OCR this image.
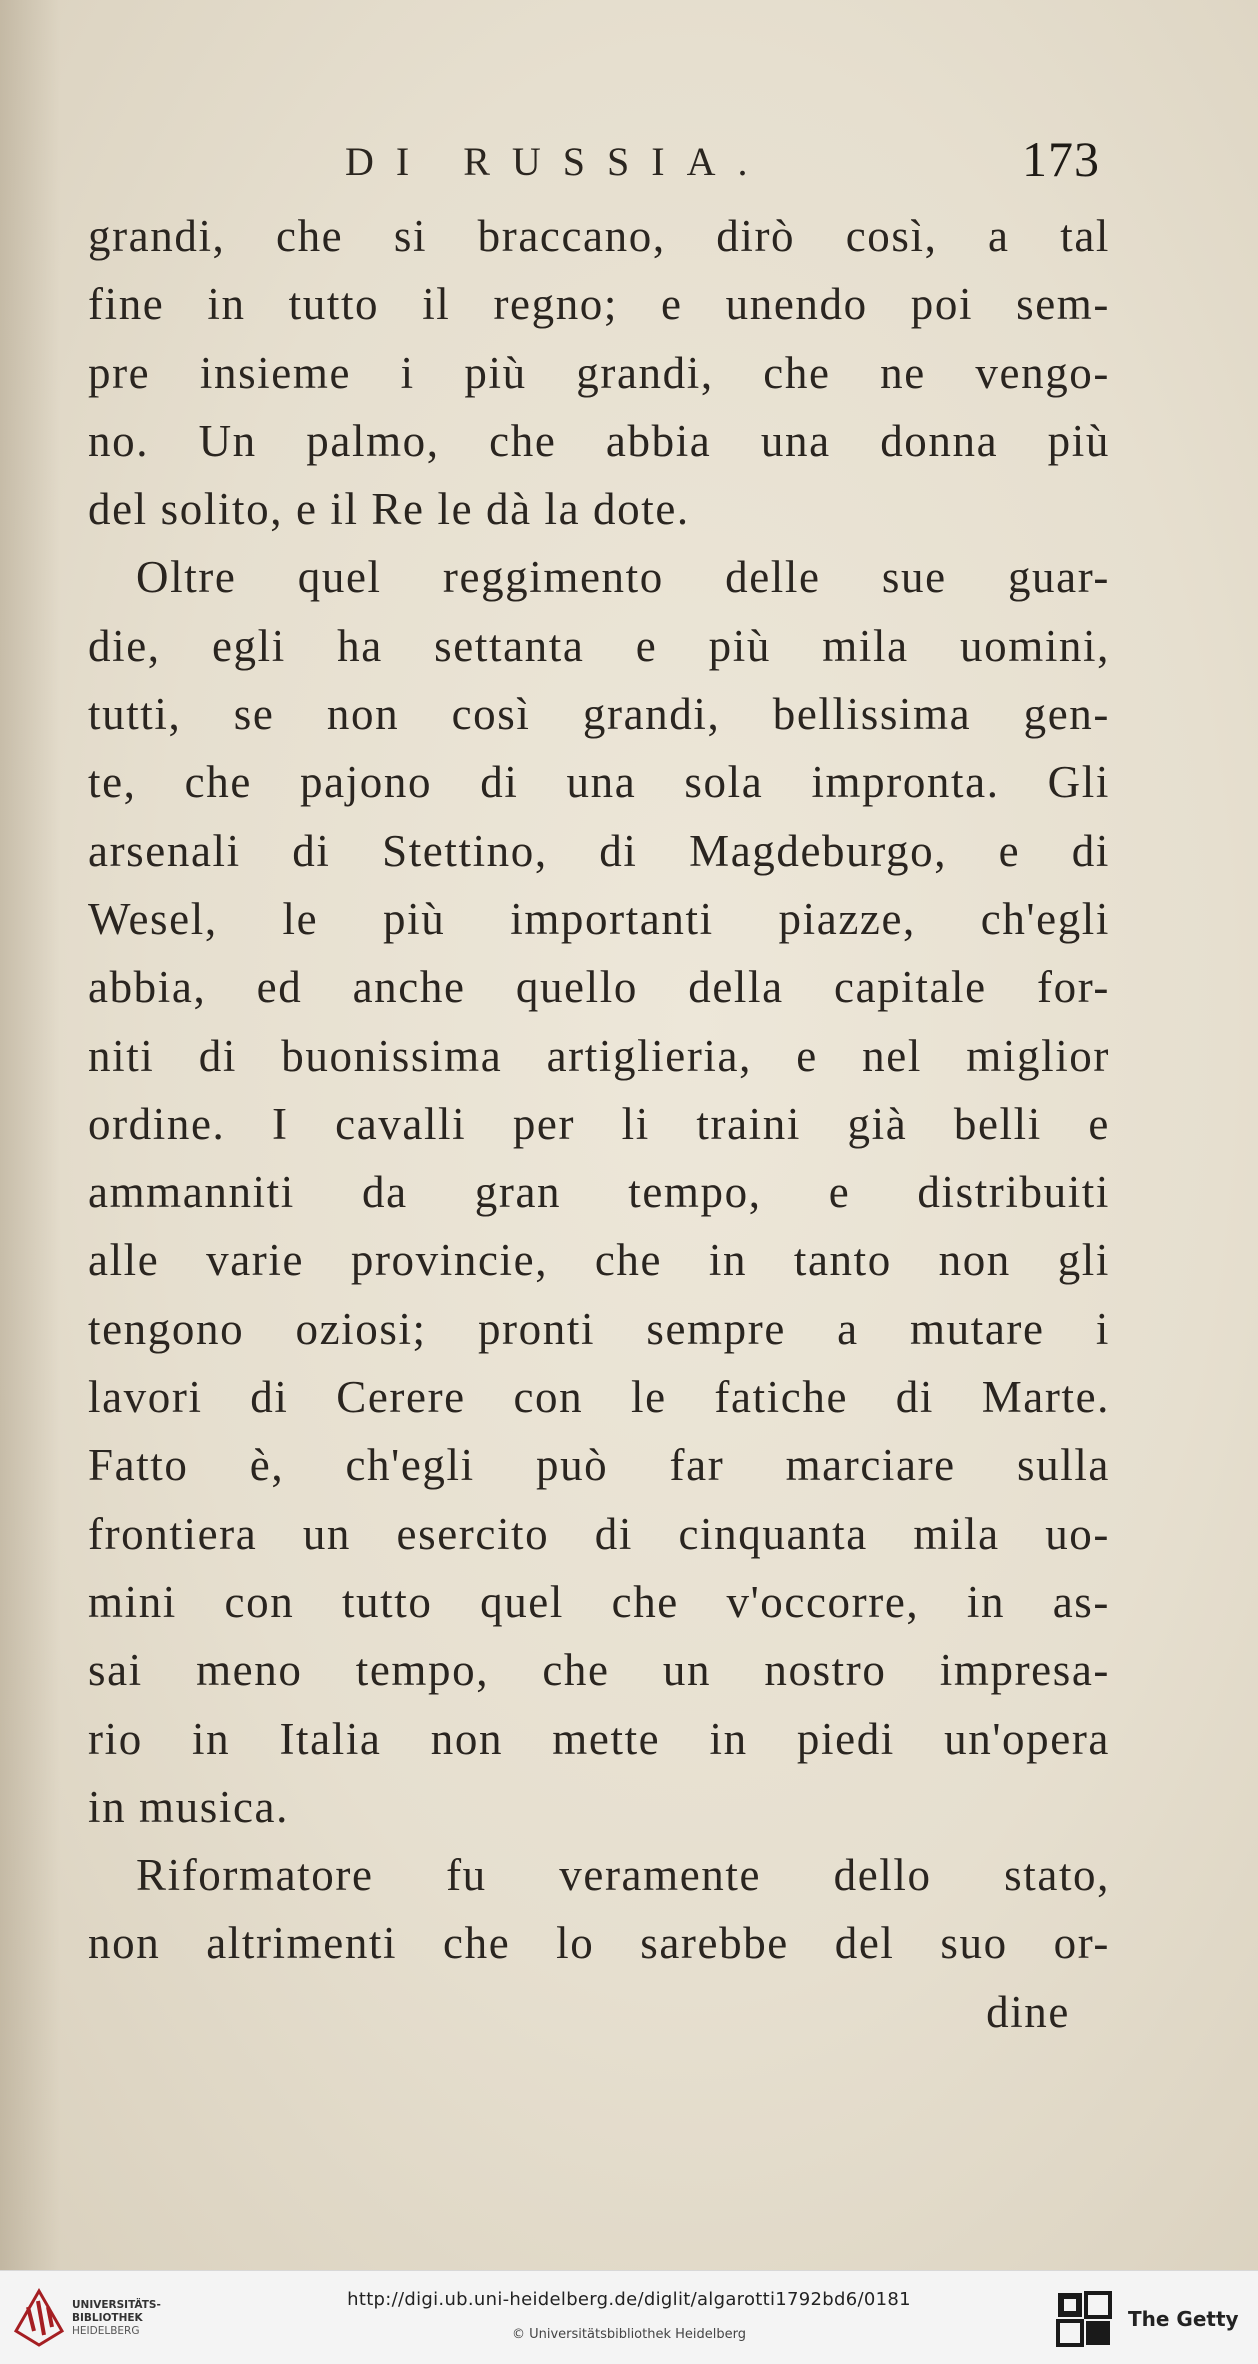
DI RUSSIA.	173
grandi, che si braccano, dirò così, a tal
fine in tutto il regno; e unendo poi sem-
pre insieme i più grandi, che ne vengo-
no. Un palmo, che abbia una donna più
del solito, e il Re le dà la dote.
Oltre quel reggimento delle sue guar-
die, egli ha settanta e più mila uomini,
tutti, se non così grandi, bellissima gen-
te, che pajono di una sola impronta. Gli
arsenali di Stettino, di Magdeburgo, e di
Wesel, le più importanti piazze, ch'egli
abbia, ed anche quello della capitale for-
niti di buonissima artiglieria, e nel miglior
ordine. I cavalli per li traini già belli e
ammanniti da gran tempo, e distribuiti
alle varie provincie, che in tanto non gli
tengono oziosi; pronti sempre a mutare i
lavori di Cerere con le fatiche di Marte.
Fatto è, ch'egli può far marciare sulla
frontiera un esercito di cinquanta mila uo-
mini con tutto quel che v'occorre, in as-
sai meno tempo, che un nostro impresa-
rio in Italia non mette in piedi un'opera
in musica.
Riformatore fu veramente dello stato,
non altrimenti che lo sarebbe del suo or-
dine
UNIVERSITÄTS-
BIBLIOTHEK
HEIDELBERG
http://digi.ub.uni-heidelberg.de/diglit/algarotti1792bd6/0181
© Universitätsbibliothek Heidelberg
The Getty
